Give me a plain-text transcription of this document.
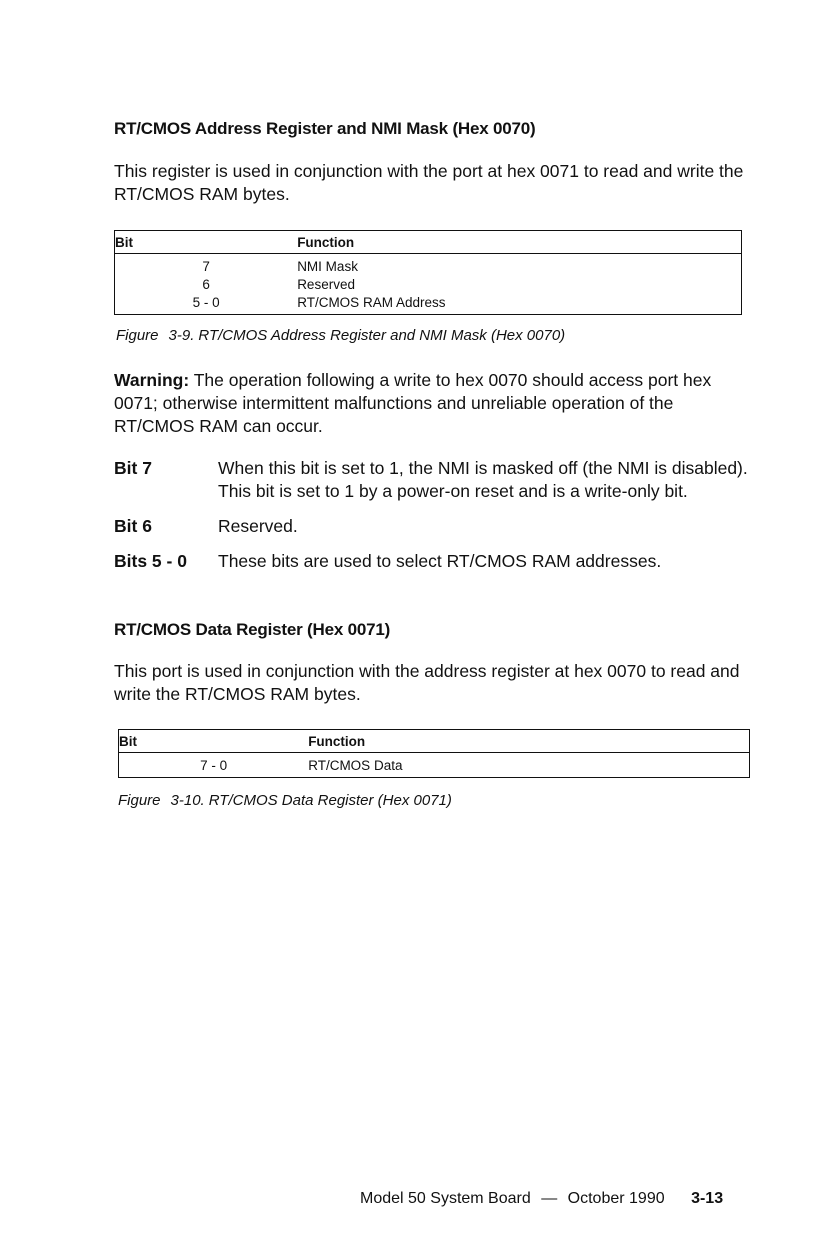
RT/CMOS Address Register and NMI Mask (Hex 0070)

This register is used in conjunction with the port at hex 0071 to read and write the RT/CMOS RAM bytes.

Bit	Function
7	NMI Mask
6	Reserved
5 - 0	RT/CMOS RAM Address
Figure 3-9. RT/CMOS Address Register and NMI Mask (Hex 0070)

Warning: The operation following a write to hex 0070 should access port hex 0071; otherwise intermittent malfunctions and unreliable operation of the RT/CMOS RAM can occur.

Bit 7	When this bit is set to 1, the NMI is masked off (the NMI is disabled). This bit is set to 1 by a power-on reset and is a write-only bit.
Bit 6	Reserved.
Bits 5 - 0	These bits are used to select RT/CMOS RAM addresses.
RT/CMOS Data Register (Hex 0071)

This port is used in conjunction with the address register at hex 0070 to read and write the RT/CMOS RAM bytes.

Bit	Function
7 - 0	RT/CMOS Data
Figure 3-10. RT/CMOS Data Register (Hex 0071)
Model 50 System Board — October 1990 3-13
